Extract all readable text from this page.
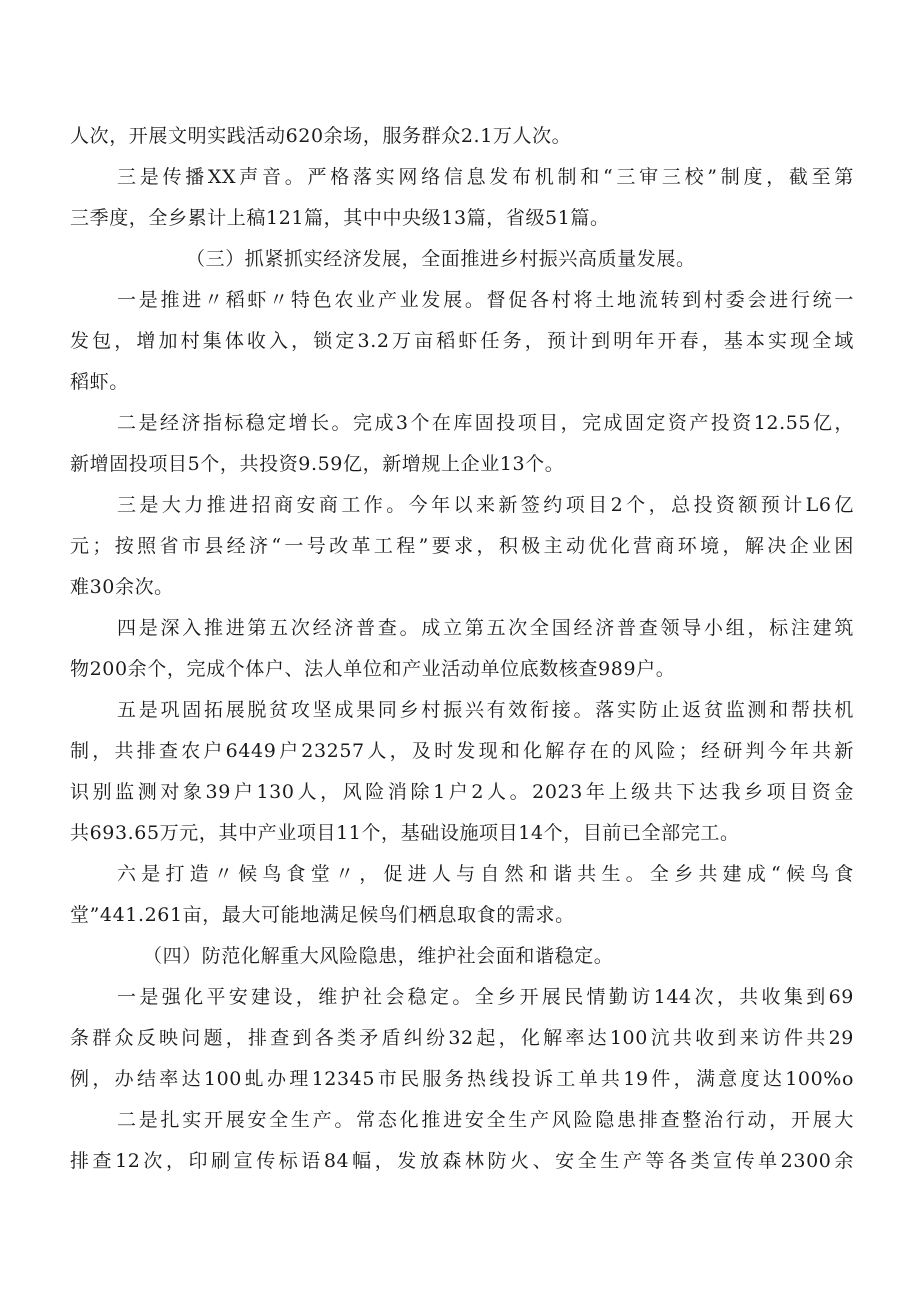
人次，开展文明实践活动620余场，服务群众2.1万人次。
三是传播XX声音。严格落实网络信息发布机制和“三审三校”制度，截至第
三季度，全乡累计上稿121篇，其中中央级13篇，省级51篇。
（三）抓紧抓实经济发展，全面推进乡村振兴高质量发展。
一是推进〃稻虾〃特色农业产业发展。督促各村将土地流转到村委会进行统一
发包，增加村集体收入，锁定3.2万亩稻虾任务，预计到明年开春，基本实现全域
稻虾。
二是经济指标稳定增长。完成3个在库固投项目，完成固定资产投资12.55亿，
新增固投项目5个，共投资9.59亿，新增规上企业13个。
三是大力推进招商安商工作。今年以来新签约项目2个，总投资额预计L6亿
元；按照省市县经济“一号改革工程”要求，积极主动优化营商环境，解决企业困
难30余次。
四是深入推进第五次经济普查。成立第五次全国经济普查领导小组，标注建筑
物200余个，完成个体户、法人单位和产业活动单位底数核查989户。
五是巩固拓展脱贫攻坚成果同乡村振兴有效衔接。落实防止返贫监测和帮扶机
制，共排查农户6449户23257人，及时发现和化解存在的风险；经研判今年共新
识别监测对象39户130人，风险消除1户2人。2023年上级共下达我乡项目资金
共693.65万元，其中产业项目11个，基础设施项目14个，目前已全部完工。
六是打造〃候鸟食堂〃，促进人与自然和谐共生。全乡共建成“候鸟食
堂”441.261亩，最大可能地满足候鸟们栖息取食的需求。
（四）防范化解重大风险隐患，维护社会面和谐稳定。
一是强化平安建设，维护社会稳定。全乡开展民情勤访144次，共收集到69
条群众反映问题，排查到各类矛盾纠纷32起，化解率达100沆共收到来访件共29
例，办结率达100虬办理12345市民服务热线投诉工单共19件，满意度达100%o
二是扎实开展安全生产。常态化推进安全生产风险隐患排查整治行动，开展大
排查12次，印刷宣传标语84幅，发放森林防火、安全生产等各类宣传单2300余
